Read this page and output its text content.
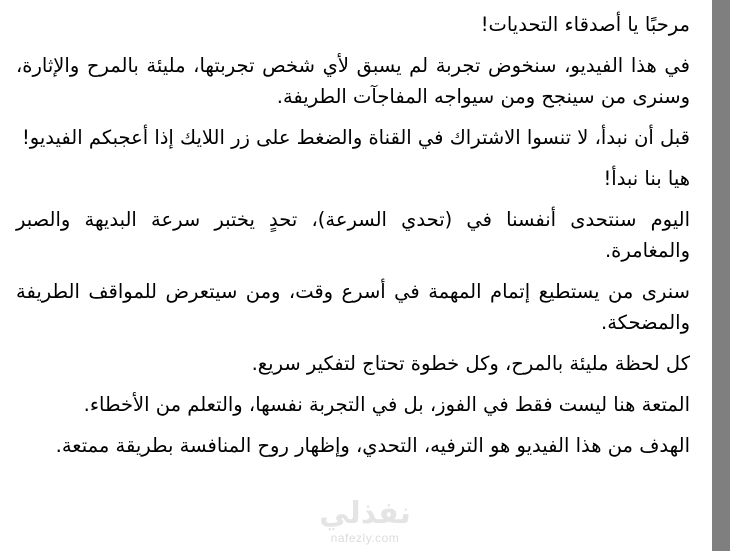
مرحبًا يا أصدقاء التحديات!

في هذا الفيديو، سنخوض تجربة لم يسبق لأي شخص تجربتها، مليئة بالمرح والإثارة، وسنرى من سينجح ومن سيواجه المفاجآت الطريفة.

قبل أن نبدأ، لا تنسوا الاشتراك في القناة والضغط على زر اللايك إذا أعجبكم الفيديو!

هيا بنا نبدأ!

اليوم سنتحدى أنفسنا في (تحدي السرعة)، تحدٍ يختبر سرعة البديهة والصبر والمغامرة.

سنرى من يستطيع إتمام المهمة في أسرع وقت، ومن سيتعرض للمواقف الطريفة والمضحكة.

كل لحظة مليئة بالمرح، وكل خطوة تحتاج لتفكير سريع.

المتعة هنا ليست فقط في الفوز، بل في التجربة نفسها، والتعلم من الأخطاء.

الهدف من هذا الفيديو هو الترفيه، التحدي، وإظهار روح المنافسة بطريقة ممتعة.

نفذلي
nafezly.com
